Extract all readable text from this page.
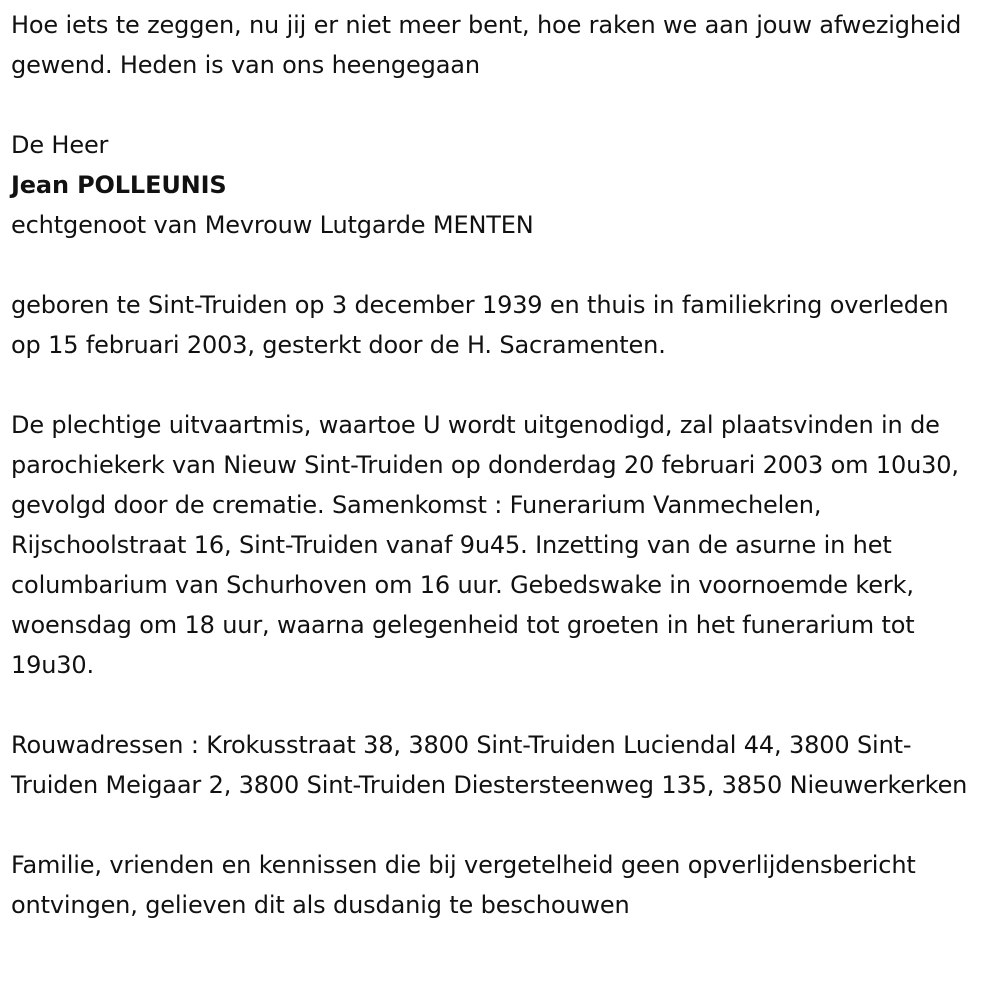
Hoe iets te zeggen, nu jij er niet meer bent, hoe raken we aan jouw afwezigheid gewend. Heden is van ons heengegaan

De Heer

Jean POLLEUNIS

echtgenoot van Mevrouw Lutgarde MENTEN

geboren te Sint-Truiden op 3 december 1939 en thuis in familiekring overleden op 15 februari 2003, gesterkt door de H. Sacramenten.

De plechtige uitvaartmis, waartoe U wordt uitgenodigd, zal plaatsvinden in de parochiekerk van Nieuw Sint-Truiden op donderdag 20 februari 2003 om 10u30, gevolgd door de crematie. Samenkomst : Funerarium Vanmechelen, Rijschoolstraat 16, Sint-Truiden vanaf 9u45. Inzetting van de asurne in het columbarium van Schurhoven om 16 uur. Gebedswake in voornoemde kerk, woensdag om 18 uur, waarna gelegenheid tot groeten in het funerarium tot 19u30.

Rouwadressen : Krokusstraat 38, 3800 Sint-Truiden Luciendal 44, 3800 Sint-Truiden Meigaar 2, 3800 Sint-Truiden Diestersteenweg 135, 3850 Nieuwerkerken

Familie, vrienden en kennissen die bij vergetelheid geen opverlijdensbericht ontvingen, gelieven dit als dusdanig te beschouwen
